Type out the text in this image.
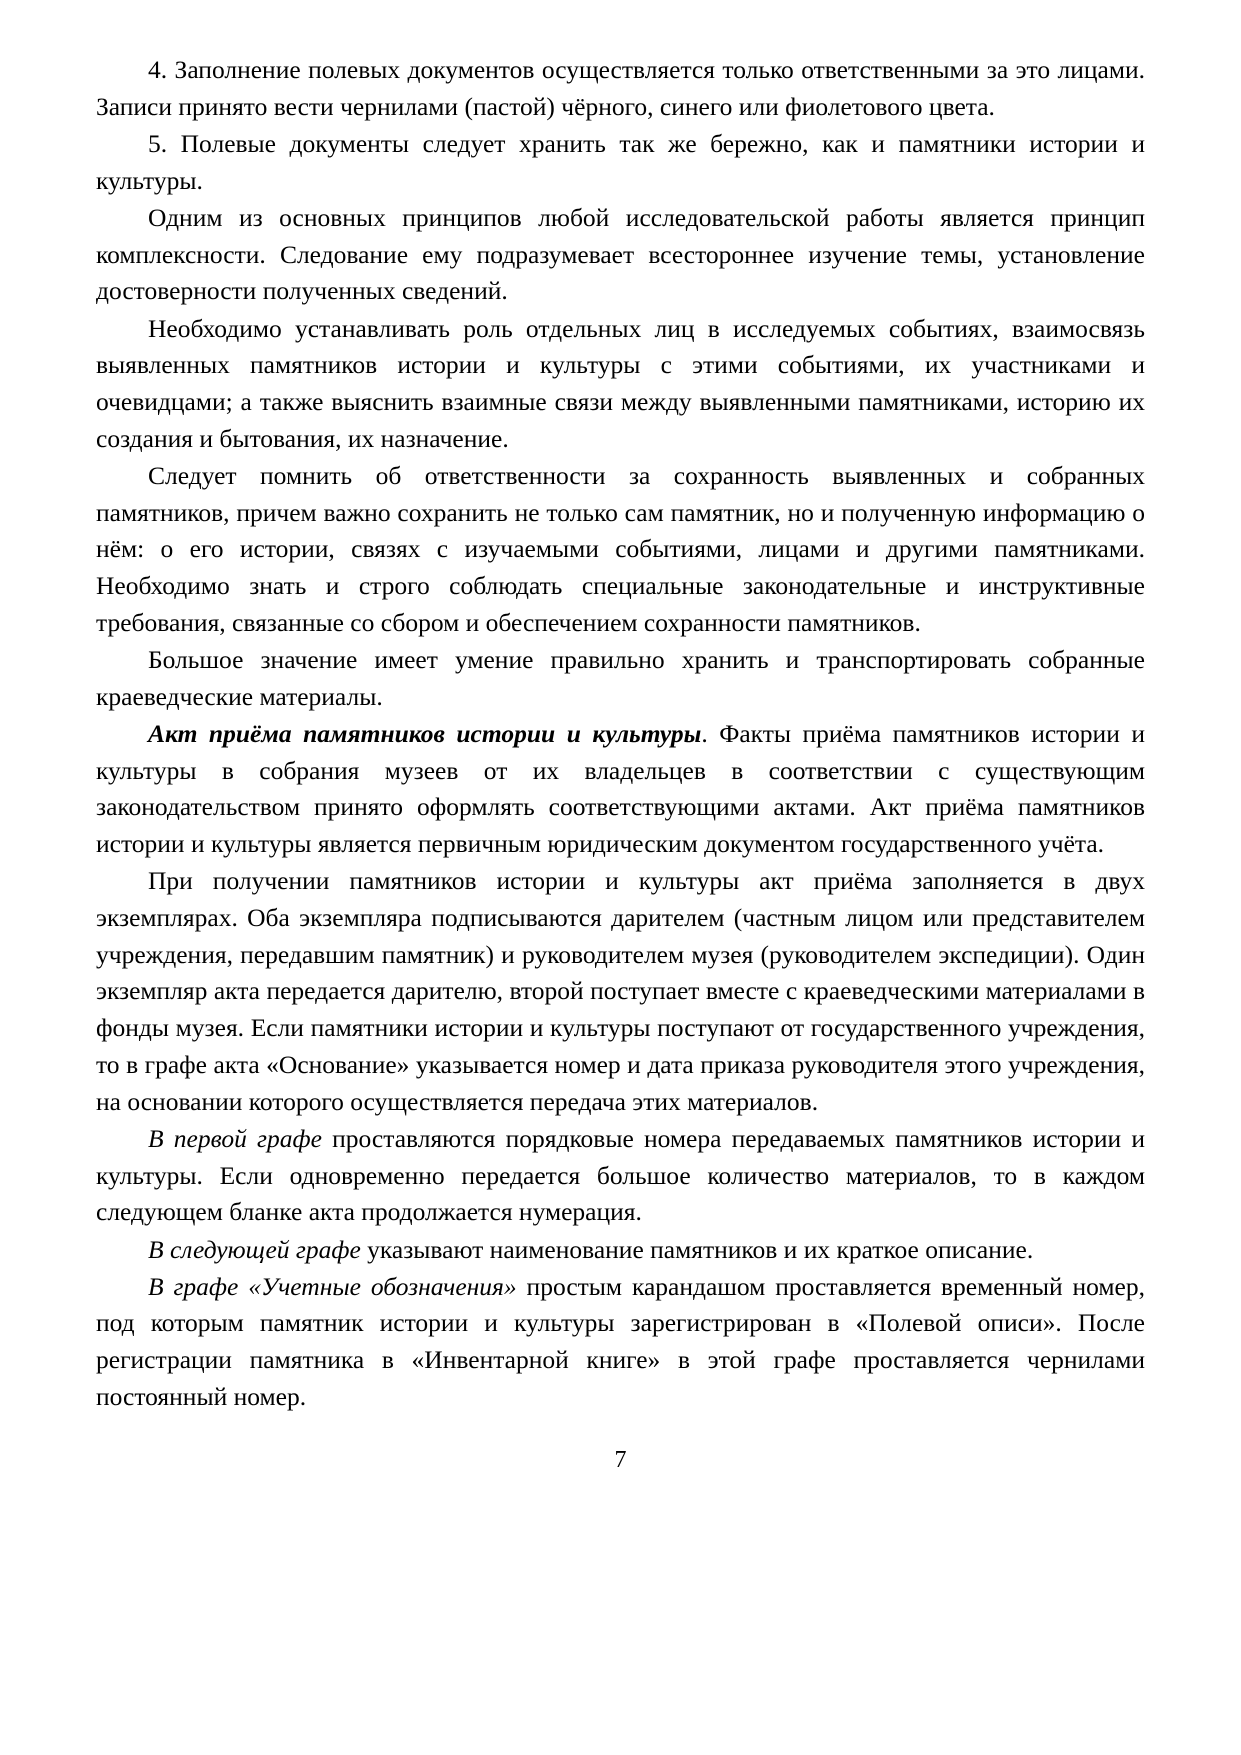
4. Заполнение полевых документов осуществляется только ответственными за это лицами. Записи принято вести чернилами (пастой) чёрного, синего или фиолетового цвета.

5. Полевые документы следует хранить так же бережно, как и памятники истории и культуры.

Одним из основных принципов любой исследовательской работы является принцип комплексности. Следование ему подразумевает всестороннее изучение темы, установление достоверности полученных сведений.

Необходимо устанавливать роль отдельных лиц в исследуемых событиях, взаимосвязь выявленных памятников истории и культуры с этими событиями, их участниками и очевидцами; а также выяснить взаимные связи между выявленными памятниками, историю их создания и бытования, их назначение.

Следует помнить об ответственности за сохранность выявленных и собранных памятников, причем важно сохранить не только сам памятник, но и полученную информацию о нём: о его истории, связях с изучаемыми событиями, лицами и другими памятниками. Необходимо знать и строго соблюдать специальные законодательные и инструктивные требования, связанные со сбором и обеспечением сохранности памятников.

Большое значение имеет умение правильно хранить и транспортировать собранные краеведческие материалы.

Акт приёма памятников истории и культуры. Факты приёма памятников истории и культуры в собрания музеев от их владельцев в соответствии с существующим законодательством принято оформлять соответствующими актами. Акт приёма памятников истории и культуры является первичным юридическим документом государственного учёта.

При получении памятников истории и культуры акт приёма заполняется в двух экземплярах. Оба экземпляра подписываются дарителем (частным лицом или представителем учреждения, передавшим памятник) и руководителем музея (руководителем экспедиции). Один экземпляр акта передается дарителю, второй поступает вместе с краеведческими материалами в фонды музея. Если памятники истории и культуры поступают от государственного учреждения, то в графе акта «Основание» указывается номер и дата приказа руководителя этого учреждения, на основании которого осуществляется передача этих материалов.

В первой графе проставляются порядковые номера передаваемых памятников истории и культуры. Если одновременно передается большое количество материалов, то в каждом следующем бланке акта продолжается нумерация.

В следующей графе указывают наименование памятников и их краткое описание.

В графе «Учетные обозначения» простым карандашом проставляется временный номер, под которым памятник истории и культуры зарегистрирован в «Полевой описи». После регистрации памятника в «Инвентарной книге» в этой графе проставляется чернилами постоянный номер.

7
